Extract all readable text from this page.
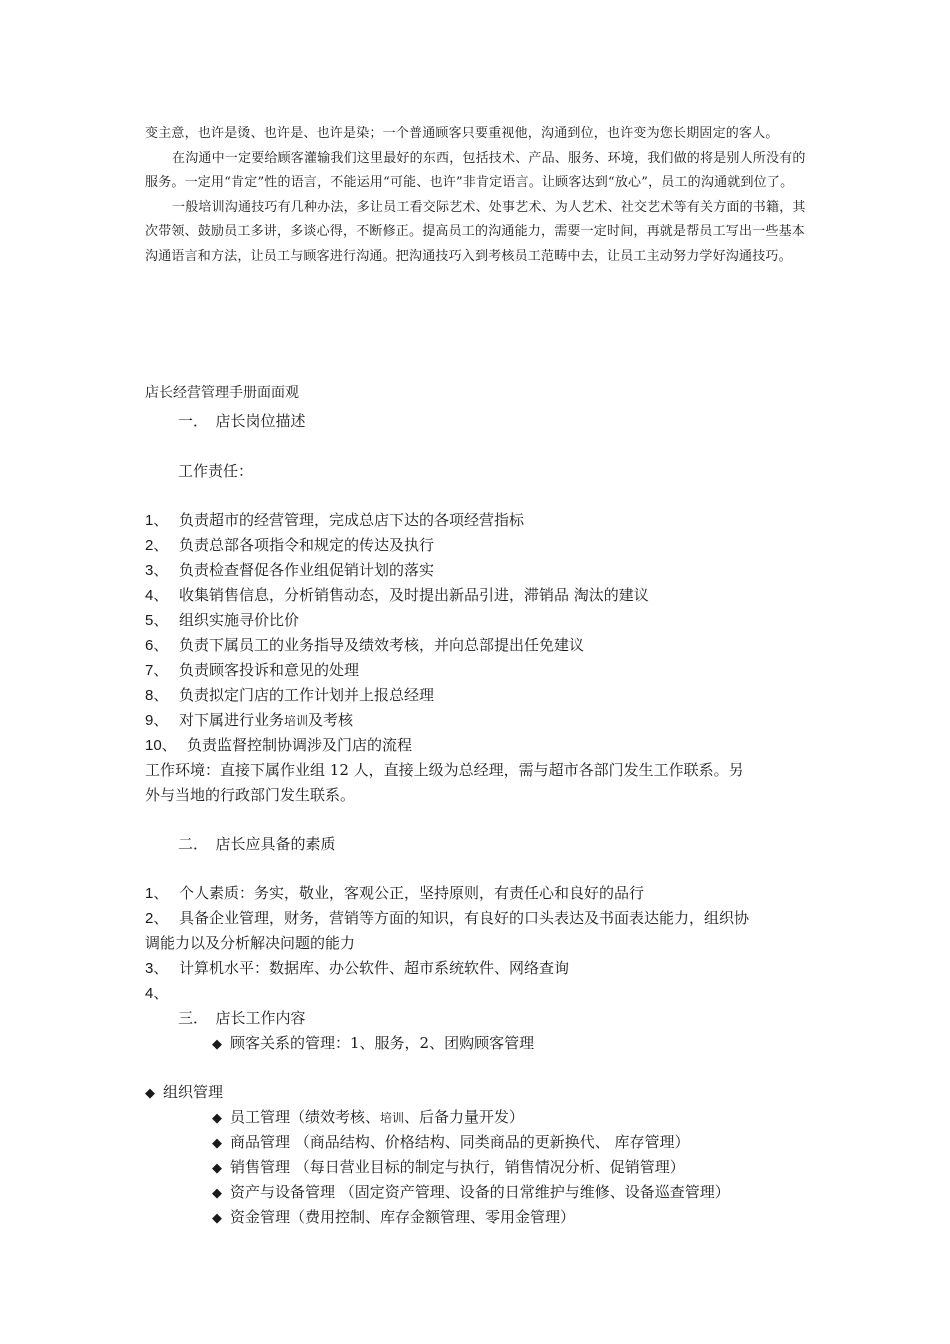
变主意，也许是烫、也许是、也许是染；一个普通顾客只要重视他，沟通到位，也许变为您长期固定的客人。

在沟通中一定要给顾客灌输我们这里最好的东西，包括技术、产品、服务、环境，我们做的将是别人所没有的服务。一定用“肯定”性的语言，不能运用“可能、也许”非肯定语言。让顾客达到“放心”，员工的沟通就到位了。

一般培训沟通技巧有几种办法，多让员工看交际艺术、处事艺术、为人艺术、社交艺术等有关方面的书籍，其次带领、鼓励员工多讲，多谈心得，不断修正。提高员工的沟通能力，需要一定时间，再就是帮员工写出一些基本沟通语言和方法，让员工与顾客进行沟通。把沟通技巧入到考核员工范畴中去，让员工主动努力学好沟通技巧。

店长经营管理手册面面观
一．　店长岗位描述
工作责任：
1、 负责超市的经营管理，完成总店下达的各项经营指标
2、 负责总部各项指令和规定的传达及执行
3、 负责检查督促各作业组促销计划的落实
4、 收集销售信息，分析销售动态，及时提出新品引进，滞销品 淘汰的建议
5、 组织实施寻价比价
6、 负责下属员工的业务指导及绩效考核，并向总部提出任免建议
7、 负责顾客投诉和意见的处理
8、 负责拟定门店的工作计划并上报总经理
9、 对下属进行业务培训及考核
10、 负责监督控制协调涉及门店的流程
工作环境：直接下属作业组 12 人，直接上级为总经理，需与超市各部门发生工作联系。另
外与当地的行政部门发生联系。
二．　店长应具备的素质
1、 个人素质：务实，敬业，客观公正，坚持原则，有责任心和良好的品行
2、 具备企业管理，财务，营销等方面的知识，有良好的口头表达及书面表达能力，组织协
调能力以及分析解决问题的能力
3、 计算机水平：数据库、办公软件、超市系统软件、网络查询
4、
三．　店长工作内容
◆ 顾客关系的管理：1、服务，2、团购顾客管理
◆ 组织管理
◆ 员工管理（绩效考核、培训、后备力量开发）
◆ 商品管理 （商品结构、价格结构、同类商品的更新换代、 库存管理）
◆ 销售管理 （每日营业目标的制定与执行，销售情况分析、促销管理）
◆ 资产与设备管理 （固定资产管理、设备的日常维护与维修、设备巡查管理）
◆ 资金管理（费用控制、库存金额管理、零用金管理）
